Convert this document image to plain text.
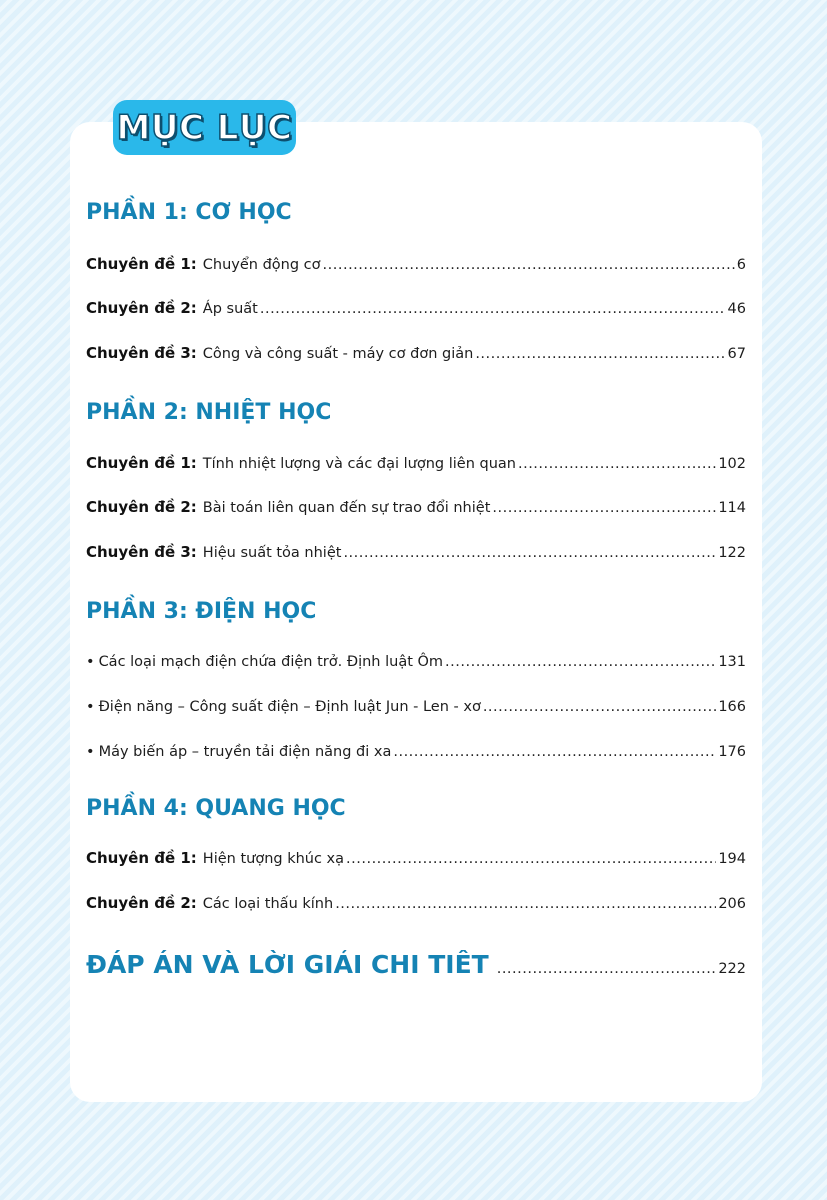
MỤC LỤC
PHẦN 1: CƠ HỌC
Chuyên đề 1: Chuyển động cơ .....	6
Chuyên đề 2: Áp suất .....	46
Chuyên đề 3: Công và công suất - máy cơ đơn giản .....	67
PHẦN 2: NHIỆT HỌC
Chuyên đề 1: Tính nhiệt lượng và các đại lượng liên quan .....	102
Chuyên đề 2: Bài toán liên quan đến sự trao đổi nhiệt .....	114
Chuyên đề 3: Hiệu suất tỏa nhiệt .....	122
PHẦN 3: ĐIỆN HỌC
• Các loại mạch điện chứa điện trở. Định luật Ôm .....	131
• Điện năng – Công suất điện – Định luật Jun - Len - xơ .....	166
• Máy biến áp – truyền tải điện năng đi xa .....	176
PHẦN 4: QUANG HỌC
Chuyên đề 1: Hiện tượng khúc xạ .....	194
Chuyên đề 2: Các loại thấu kính .....	206
ĐÁP ÁN VÀ LỜI GIẢI CHI TIẾT .....	222
